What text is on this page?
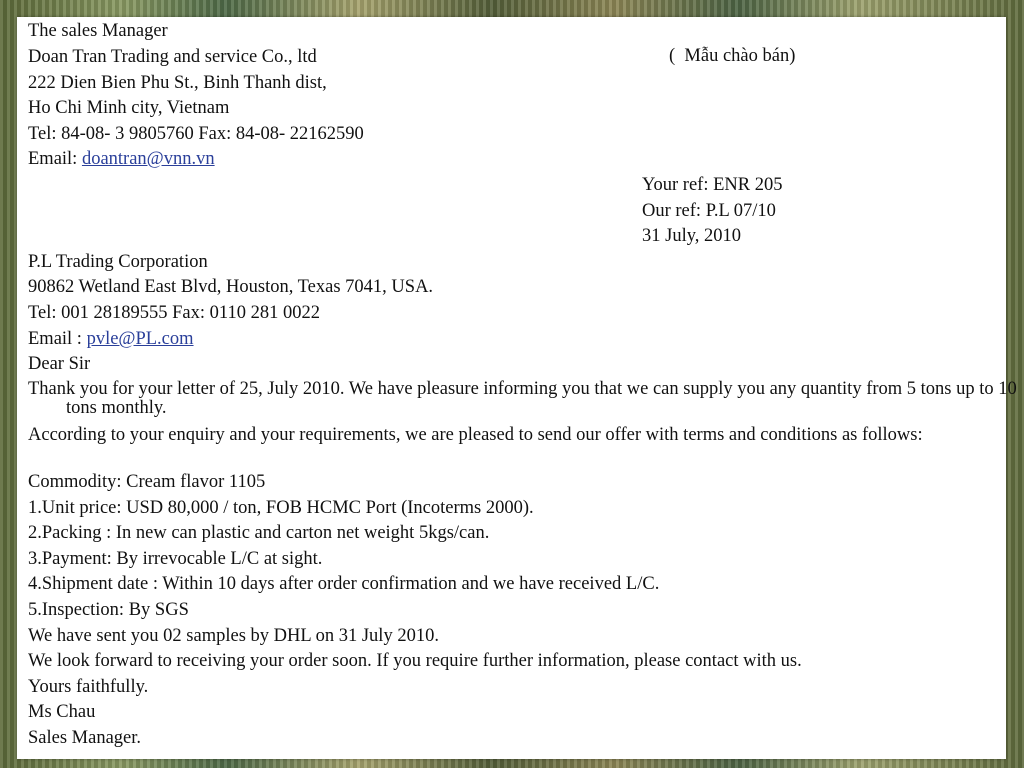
The sales Manager
Doan Tran Trading and service Co., ltd	(  Mẫu chào bán)
222 Dien Bien Phu St., Binh Thanh dist,
Ho Chi Minh city, Vietnam
Tel: 84-08- 3 9805760 Fax: 84-08- 22162590
Email: doantran@vnn.vn
Your ref: ENR 205
Our ref: P.L 07/10
31 July, 2010
P.L Trading Corporation
90862 Wetland East Blvd, Houston, Texas 7041, USA.
Tel: 001 28189555 Fax: 0110 281 0022
Email : pvle@PL.com
Dear Sir
Thank you for your letter of 25, July 2010. We have pleasure informing you that we can supply you any quantity from 5 tons up to 10 tons monthly.
According to your enquiry and your requirements, we are pleased to send our offer with terms and conditions as follows:
Commodity: Cream flavor 1105
1.Unit price: USD 80,000 / ton, FOB HCMC Port (Incoterms 2000).
2.Packing : In new can plastic and carton net weight 5kgs/can.
3.Payment: By irrevocable L/C at sight.
4.Shipment date : Within 10 days after order confirmation and we have received L/C.
5.Inspection: By SGS
We have sent you 02 samples by DHL on 31 July 2010.
We look forward to receiving your order soon. If you require further information, please contact with us.
Yours faithfully.
Ms Chau
Sales Manager.
